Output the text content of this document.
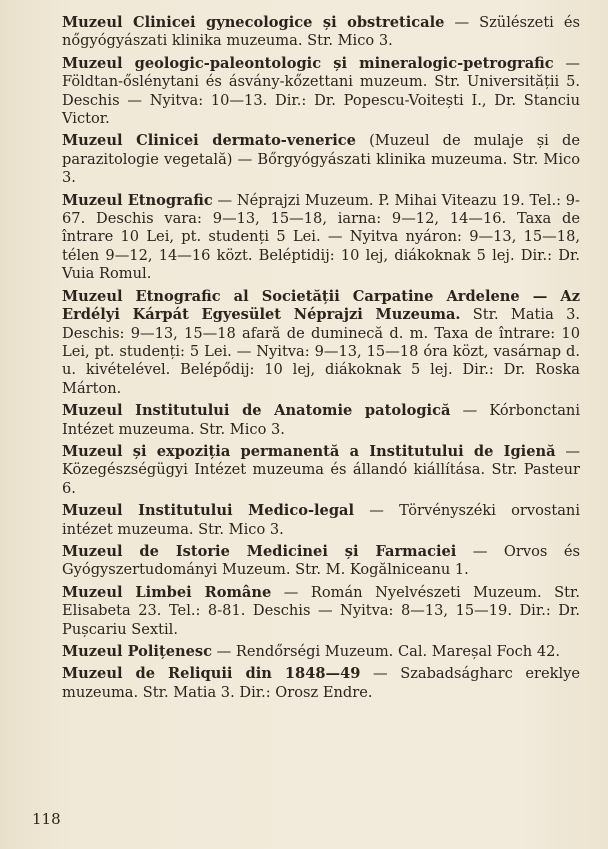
Muzeul Clinicei gynecologice și obstreticale — Szülészeti és nőgyógyászati klinika muzeuma. Str. Mico 3.

Muzeul geologic-paleontologic și mineralogic-petrografic — Földtan-őslénytani és ásvány-kőzettani muzeum. Str. Universității 5. Deschis — Nyitva: 10—13. Dir.: Dr. Popescu-Voitești I., Dr. Stanciu Victor.

Muzeul Clinicei dermato-venerice (Muzeul de mulaje și de parazitologie vegetală) — Bőrgyógyászati klinika muzeuma. Str. Mico 3.

Muzeul Etnografic — Néprajzi Muzeum. P. Mihai Viteazu 19. Tel.: 9-67. Deschis vara: 9—13, 15—18, iarna: 9—12, 14—16. Taxa de întrare 10 Lei, pt. studenți 5 Lei. — Nyitva nyáron: 9—13, 15—18, télen 9—12, 14—16 közt. Beléptidij: 10 lej, diákoknak 5 lej. Dir.: Dr. Vuia Romul.

Muzeul Etnografic al Societății Carpatine Ardelene — Az Erdélyi Kárpát Egyesület Néprajzi Muzeuma. Str. Matia 3. Deschis: 9—13, 15—18 afară de duminecă d. m. Taxa de întrare: 10 Lei, pt. studenți: 5 Lei. — Nyitva: 9—13, 15—18 óra közt, vasárnap d. u. kivételével. Belépődij: 10 lej, diákoknak 5 lej. Dir.: Dr. Roska Márton.

Muzeul Institutului de Anatomie patologică — Kórbonctani Intézet muzeuma. Str. Mico 3.

Muzeul și expoziția permanentă a Institutului de Igienă — Közegészségügyi Intézet muzeuma és állandó kiállítása. Str. Pasteur 6.

Muzeul Institutului Medico-legal — Törvényszéki orvostani intézet muzeuma. Str. Mico 3.

Muzeul de Istorie Medicinei și Farmaciei — Orvos és Gyógyszertudományi Muzeum. Str. M. Kogălniceanu 1.

Muzeul Limbei Române — Román Nyelvészeti Muzeum. Str. Elisabeta 23. Tel.: 8-81. Deschis — Nyitva: 8—13, 15—19. Dir.: Dr. Pușcariu Sextil.

Muzeul Polițenesc — Rendőrségi Muzeum. Cal. Mareșal Foch 42.

Muzeul de Reliquii din 1848—49 — Szabadságharc ereklye muzeuma. Str. Matia 3. Dir.: Orosz Endre.

118
